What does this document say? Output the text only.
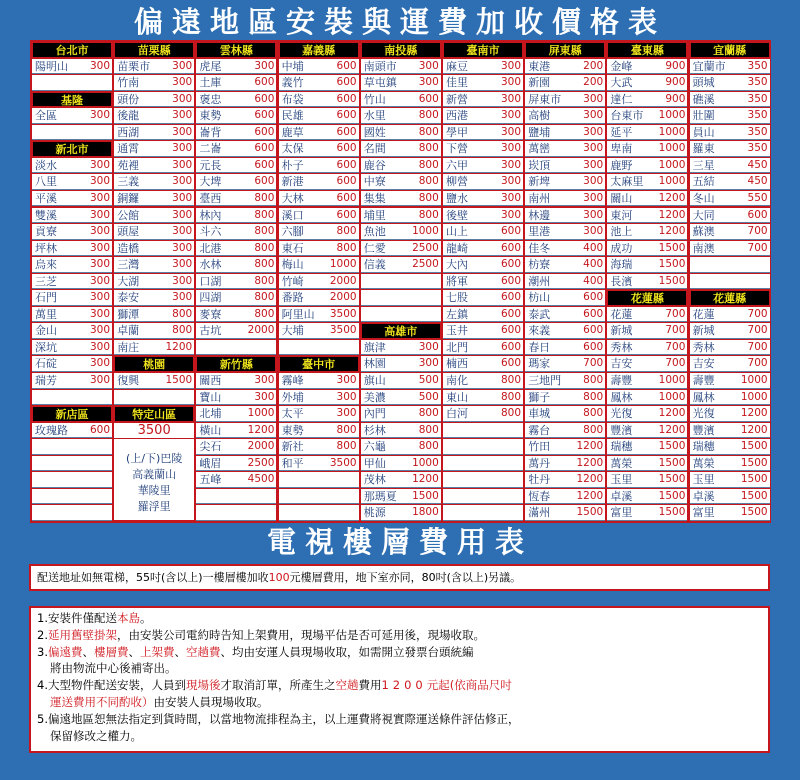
偏遠地區安裝與運費加收價格表
台北市
陽明山 300
基隆
全區	300
新北市
淡水	300
八里	300
平溪	300
雙溪	300
貢寮	300
坪林	300
烏來	300
三芝	300
石門	300
萬里	300
金山	300
深坑	300
石碇	300
瑞芳	300
新店區
玫瑰路 600
苗栗縣
苗栗市 300
竹南	300
頭份	300
後龍	300
西湖	300
通霄	300
苑裡	300
三義	300
銅鑼	300
公館	300
頭屋	300
造橋	300
三灣	300
大湖	300
泰安	300
獅潭	800
卓蘭	800
南庄	1200
桃園
復興	1500
特定山區
3500
(上/下)巴陵
高義蘭山
華陵里
羅浮里
雲林縣
虎尾	300
土庫	600
褒忠	600
東勢	600
崙背	600
二崙	600
元長	600
大埤	600
臺西	800
林內	800
斗六	800
北港	800
水林	800
口湖	800
四湖	800
麥寮	800
古坑	2000
新竹縣
關西	300
寶山	300
北埔	1000
橫山	1200
尖石	2000
峨眉	2500
五峰	4500
嘉義縣
中埔	600
義竹	600
布袋	600
民雄	600
鹿草	600
太保	600
朴子	600
新港	600
大林	600
溪口	600
六腳	800
東石	800
梅山	1000
竹崎	2000
番路	2000
阿里山 3500
大埔	3500
臺中市
霧峰	300
外埔	300
太平	300
東勢	800
新社	800
和平	3500
南投縣
南頭市 300
草屯鎮 300
竹山	600
水里	800
國姓	800
名間	800
鹿谷	800
中寮	800
集集	800
埔里	800
魚池	1000
仁愛	2500
信義	2500
高雄市
旗津	300
林園	300
旗山	500
美濃	500
內門	800
杉林	800
六龜	800
甲仙	1000
茂林	1200
那瑪夏 1500
桃源	1800
臺南市
麻豆	300
佳里	300
新營	300
西港	300
學甲	300
下營	300
六甲	300
柳營	300
鹽水	300
後壁	300
山上	600
龍崎	600
大內	600
將軍	600
七股	600
左鎮	600
玉井	600
北門	600
楠西	600
南化	800
東山	800
白河	800
屏東縣
東港	200
新園	200
屏東市 300
高樹	300
鹽埔	300
萬巒	300
崁頂	300
新埤	300
南州	300
林邊	300
里港	300
佳冬	400
枋寮	400
潮州	400
枋山	600
泰武	600
來義	600
春日	600
瑪家	700
三地門 800
獅子	800
車城	800
霧台	800
竹田	1200
萬丹	1200
牡丹	1200
恆春	1200
滿州	1500
臺東縣
金峰	900
大武	900
達仁	900
台東市 1000
延平	1000
卑南	1000
鹿野	1000
太麻里 1000
關山	1200
東河	1200
池上	1200
成功	1500
海瑞	1500
長濱	1500
花蓮縣
花蓮	700
新城	700
秀林	700
吉安	700
壽豐	1000
鳳林	1000
光復	1200
豐濱	1200
瑞穗	1500
萬榮	1500
玉里	1500
卓溪	1500
富里	1500
宜蘭縣
宜蘭市 350
頭城	350
礁溪	350
壯圍	350
員山	350
羅東	350
三星	450
五結	450
冬山	550
大同	600
蘇澳	700
南澳	700
花蓮縣
花蓮	700
新城	700
秀林	700
吉安	700
壽豐	1000
鳳林	1000
光復	1200
豐濱	1200
瑞穗	1500
萬榮	1500
玉里	1500
卓溪	1500
富里	1500
電視樓層費用表
配送地址如無電梯，55吋(含以上)一樓層樓加收100元樓層費用，地下室亦同，80吋(含以上)另議。
1.安裝件僅配送本島。
2.延用舊壁掛架，由安裝公司電約時告知上架費用，現場平估是否可延用後，現場收取。
3.偏遠費、樓層費、上架費、空趟費、均由安運人員現場收取，如需開立發票台頭統編
將由物流中心後補寄出。
4.大型物件配送安裝，人員到現場後才取消訂單，所產生之空趟費用1200元起(依商品尺吋
運送費用不同酌收）由安裝人員現場收取。
5.偏遠地區恕無法指定到貨時間，以當地物流排程為主，以上運費將視實際運送條件評估修正，
保留修改之權力。
